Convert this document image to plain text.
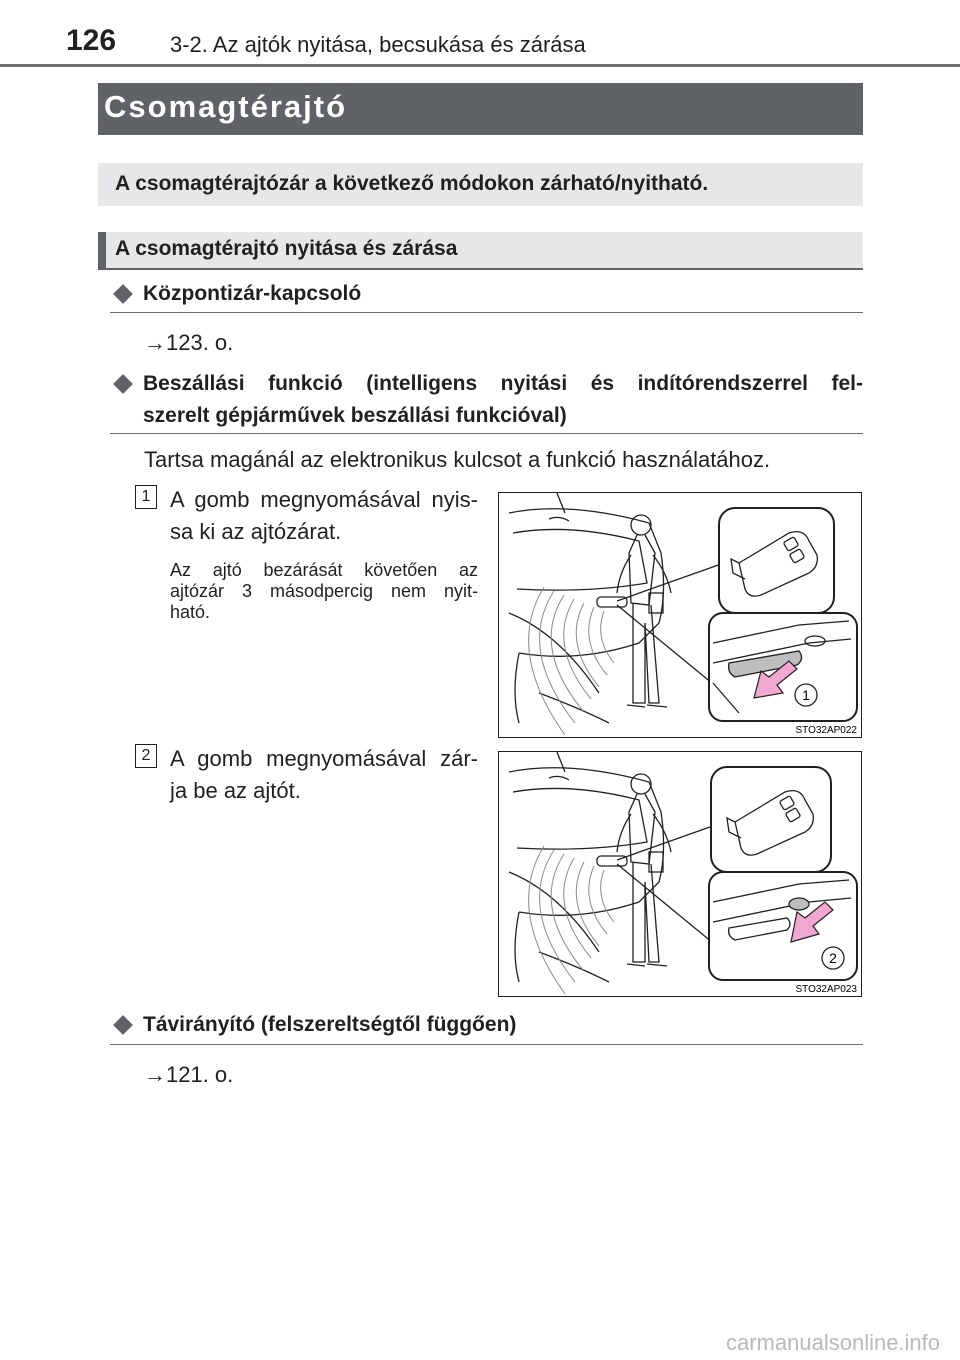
126 3-2. Az ajtók nyitása, becsukása és zárása
Csomagtérajtó
A csomagtérajtózár a következő módokon zárható/nyitható.
A csomagtérajtó nyitása és zárása
Központizár-kapcsoló
→123. o.
Beszállási funkció (intelligens nyitási és indítórendszerrel fel-
szerelt gépjárművek beszállási funkcióval)
Tartsa magánál az elektronikus kulcsot a funkció használatához.
1 A gomb megnyomásával nyis-
sa ki az ajtózárat.
Az ajtó bezárását követően az
ajtózár 3 másodpercig nem nyit-
ható.
1
STO32AP022
2 A gomb megnyomásával zár-
ja be az ajtót.
2
STO32AP023
Távirányító (felszereltségtől függően)
→121. o.
carmanualsonline.info
